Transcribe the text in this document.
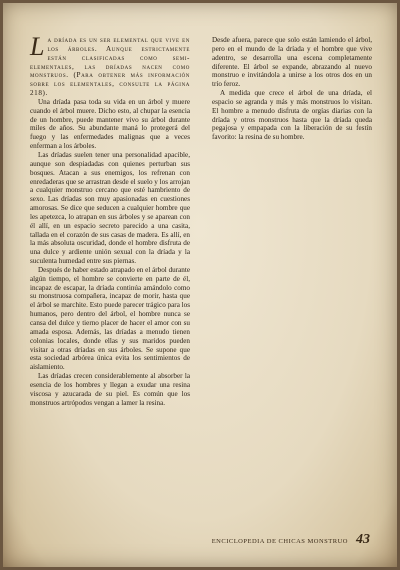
La dríada es un ser elemental que vive en los árboles. Aunque estrictamente están clasificadas como semi-elementales, las dríadas nacen como monstruos. (Para obtener más información sobre los elementales, consulte la página 218).

Una dríada pasa toda su vida en un árbol y muere cuando el árbol muere. Dicho esto, al chupar la esencia de un hombre, puede mantener vivo su árbol durante miles de años. Su abundante maná lo protegerá del fuego y las enfermedades malignas que a veces enferman a los árboles.

Las dríadas suelen tener una personalidad apacible, aunque son despiadadas con quienes perturban sus bosques. Atacan a sus enemigos, los refrenan con enredaderas que se arrastran desde el suelo y los arrojan a cualquier monstruo cercano que esté hambriento de sexo. Las dríadas son muy apasionadas en cuestiones amorosas. Se dice que seducen a cualquier hombre que les apetezca, lo atrapan en sus árboles y se aparean con él allí, en un espacio secreto parecido a una casita, tallada en el corazón de sus casas de madera. Es allí, en la más absoluta oscuridad, donde el hombre disfruta de una dulce y ardiente unión sexual con la dríada y la suculenta humedad entre sus piernas.

Después de haber estado atrapado en el árbol durante algún tiempo, el hombre se convierte en parte de él, incapaz de escapar, la dríada continúa amándolo como su monstruosa compañera, incapaz de morir, hasta que el árbol se marchite. Esto puede parecer trágico para los humanos, pero dentro del árbol, el hombre nunca se cansa del dulce y tierno placer de hacer el amor con su amada esposa. Además, las dríadas a menudo tienen colonias locales, donde ellas y sus maridos pueden visitar a otras dríadas en sus árboles. Se supone que esta sociedad arbórea única evita los sentimientos de aislamiento.

Las dríadas crecen considerablemente al absorber la esencia de los hombres y llegan a exudar una resina viscosa y azucarada de su piel. Es común que los monstruos artrópodos vengan a lamer la resina.

Desde afuera, parece que solo están lamiendo el árbol, pero en el mundo de la dríada y el hombre que vive adentro, se desarrolla una escena completamente diferente. El árbol se expande, abrazando al nuevo monstruo e invitándola a unirse a los otros dos en un trío feroz.

A medida que crece el árbol de una dríada, el espacio se agranda y más y más monstruos lo visitan. El hombre a menudo disfruta de orgías diarias con la dríada y otros monstruos hasta que la dríada queda pegajosa y empapada con la liberación de su festín favorito: la resina de su hombre.

ENCICLOPEDIA DE CHICAS MONSTRUO 43
